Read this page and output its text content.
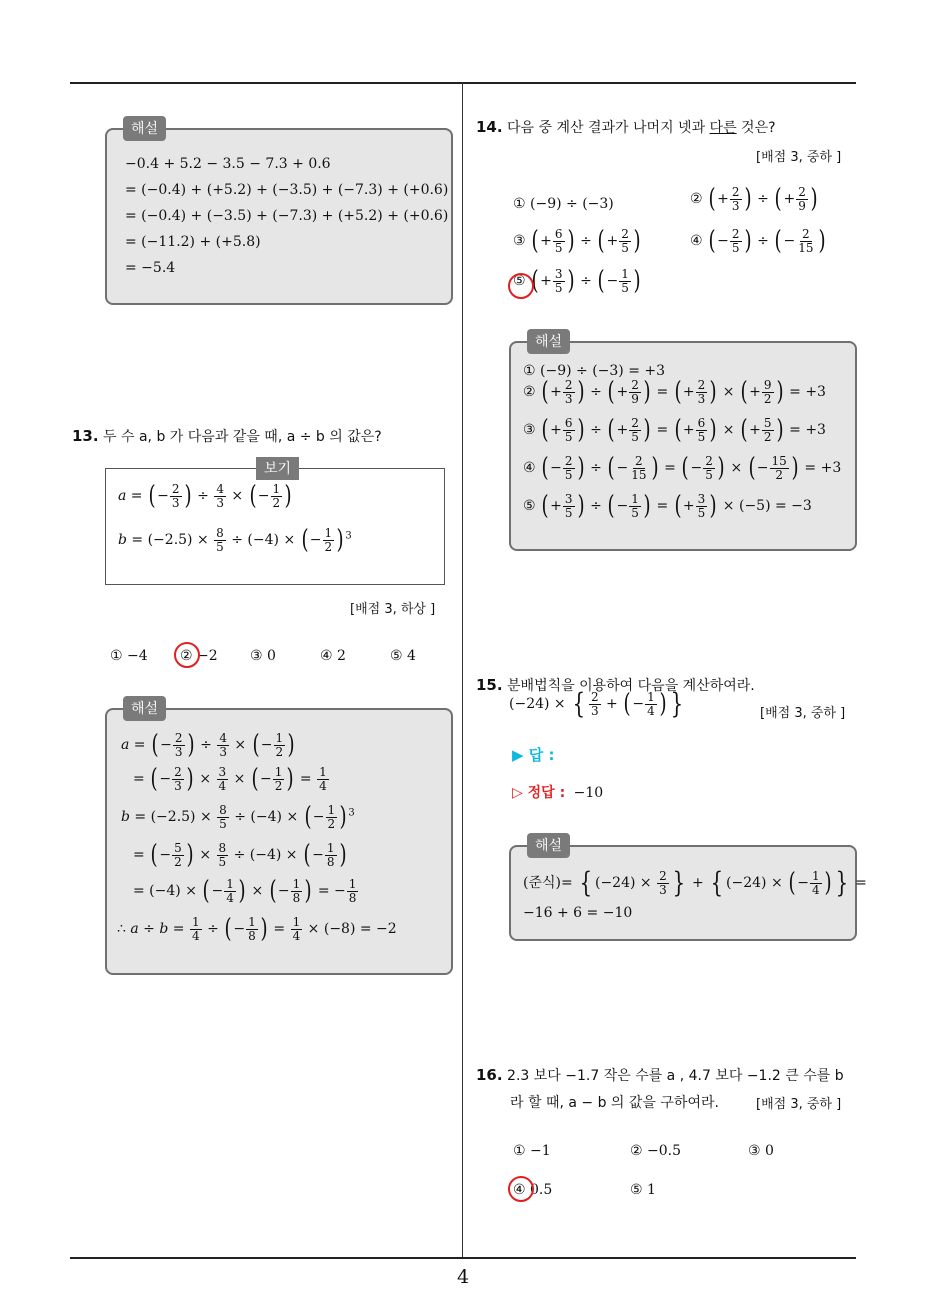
4
해설
−0.4 + 5.2 − 3.5 − 7.3 + 0.6
= (−0.4) + (+5.2) + (−3.5) + (−7.3) + (+0.6)
= (−0.4) + (−3.5) + (−7.3) + (+5.2) + (+0.6)
= (−11.2) + (+5.8)
= −5.4
13. 두 수 a, b 가 다음과 같을 때, a ÷ b 의 값은?
보기
a = ( − $\frac{2}{3}$ ) ÷ $\frac{4}{3}$ × ( − $\frac{1}{2}$ )
$b = (-2.5) \times \frac{8}{5} \div (-4)$ × ( − $\frac{1}{2}$ ) $^3$
[배점 3, 하상 ]
① −4 ② −2 ③ 0	④ 2	⑤ 4
해설
a = ( − $\frac{2}{3}$ ) ÷ $\frac{4}{3}$ × ( − $\frac{1}{2}$ )
= ( − $\frac{2}{3}$ ) × $\frac{3}{4}$ × ( − $\frac{1}{2}$ ) = $\frac{1}{4}$
$b = (-2.5) \times \frac{8}{5} \div (-4)$ × ( − $\frac{1}{2}$ ) $^3$
= ( − $\frac{5}{2}$ ) × $\frac{8}{5} \div (-4)$ × ( − $\frac{1}{8}$ )
= (−4) × ( − $\frac{1}{4}$ ) × ( − $\frac{1}{8}$ ) = − $\frac{1}{8}$
∴ $a \div b = \frac{1}{4}$ ÷ ( − $\frac{1}{8}$ ) = $\frac{1}{4} \times (-8) = -2$
14. 다음 중 계산 결과가 나머지 넷과 다른 것은?
[배점 3, 중하 ]
① (−9) ÷ (−3)	② ( + $\frac{2}{3}$ ) ÷ ( + $\frac{2}{9}$ )
③ ( + $\frac{6}{5}$ ) ÷ ( + $\frac{2}{5}$ )	④ ( − $\frac{2}{5}$ ) ÷ ( − $\frac{2}{15}$ )
⑤ ( + $\frac{3}{5}$ ) ÷ ( − $\frac{1}{5}$ )
해설
① (−9) ÷ (−3) = +3
② ( + $\frac{2}{3}$ ) ÷ ( + $\frac{2}{9}$ ) = ( + $\frac{2}{3}$ ) × ( + $\frac{9}{2}$ ) = +3
③ ( + $\frac{6}{5}$ ) ÷ ( + $\frac{2}{5}$ ) = ( + $\frac{6}{5}$ ) × ( + $\frac{5}{2}$ ) = +3
④ ( − $\frac{2}{5}$ ) ÷ ( − $\frac{2}{15}$ ) = ( − $\frac{2}{5}$ ) × ( − $\frac{15}{2}$ ) = +3
⑤ ( + $\frac{3}{5}$ ) ÷ ( − $\frac{1}{5}$ ) = ( + $\frac{3}{5}$ ) × (−5) = −3
15. 분배법칙을 이용하여 다음을 계산하여라.
(−24) × { $\frac{2}{3}$ + ( − $\frac{1}{4}$ ) }	[배점 3, 중하 ]
▶ 답 :
▷ 정답 : −10
해설
(준식)= { $(-24) \times \frac{2}{3}$ } + { (−24) × ( − $\frac{1}{4}$ ) } =
−16 + 6 = −10
16. 2.3 보다 −1.7 작은 수를 a , 4.7 보다 −1.2 큰 수를 b
라 할 때, a − b 의 값을 구하여라.	[배점 3, 중하 ]
① −1	② −0.5	③ 0
④ 0.5	⑤ 1
